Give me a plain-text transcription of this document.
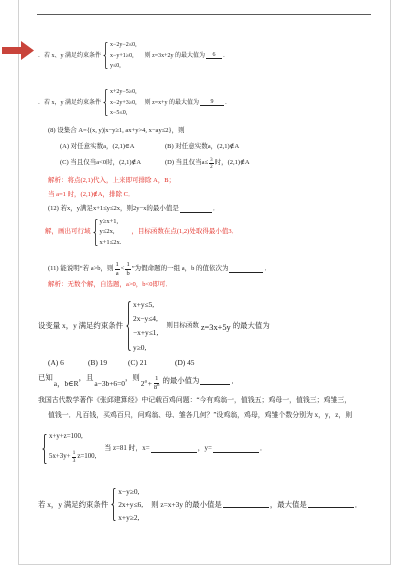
．若 x、y 满足约束条件
x−2y−2≤0,
x−y+1≥0,
y≤0,
则 z=3x+2y 的最大值为	6	．
．若 x，y 满足约束条件
x+2y−5≥0,
x−2y+3≥0,
x−5≤0,
则 z=x+y 的最大值为	9	．
(8) 设集合 A={(x, y)|x−y≥1, ax+y>4, x−ay≤2}，则
(A) 对任意实数a，(2,1)∈A	(B) 对任意实数a，(2,1)∉A
(C) 当且仅当a<0时，(2,1)∉A	(D) 当且仅当$a\le \frac{3}{2}$ 时，(2,1)∉A
解析：将点(2,1)代入，上来即可排除 A，B；
当 a=1 时，(2,1)∉A，排除 C．
(12) 若x，y满足x+1≤y≤2x，则2y−x的最小值是	．
解，画出可行域
y≥x+1,
y≤2x,
x+1≤2x.
，目标函数在点(1,2)处取得最小值3．
(11) 能说明“若 a>b，则 $\frac{1}{a} < \frac{1}{b}$ ”为假命题的一组 a，b 的值依次为	．
解析：无数个解，自选题，a>0，b<0即可．
设变量 x，y 满足约束条件
x+y≤5,
2x−y≤4,
−x+y≤1,
y≥0,
则目标函数 z=3x+5y 的最大值为
(A) 6	(B) 19	(C) 21	(D) 45
已知
a，b∈R
，且
a−3b+6=0
，则
$2^a + \frac{1}{8^b}$ 的最小值为	．
我国古代数学著作《张邱建算经》中记载百鸡问题：“今有鸡翁一，值钱五；鸡母一，值钱三；鸡雏三，
值钱一．凡百钱，买鸡百只，问鸡翁、母、雏各几何？”设鸡翁，鸡母，鸡雏个数分别为 x，y，z，则
x+y+z=100,
$5x+3y+ \frac{1}{3} z=100$,
当 z=81 时，x=	，y=	．
若 x，y 满足约束条件
x−y≥0,
2x+y≤6,
x+y≥2,
则 z=x+3y 的最小值是	，最大值是	．
